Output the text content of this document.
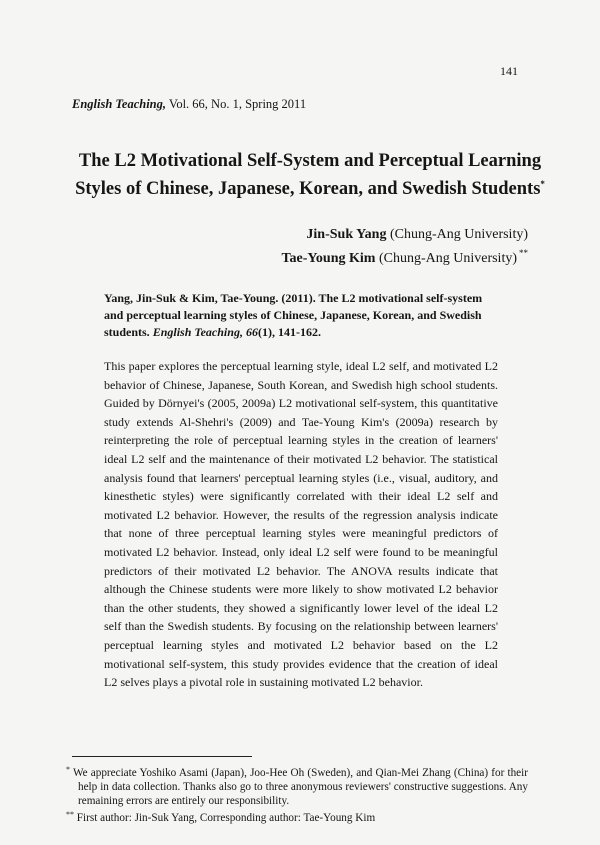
141
English Teaching, Vol. 66, No. 1, Spring 2011
The L2 Motivational Self-System and Perceptual Learning
Styles of Chinese, Japanese, Korean, and Swedish Students*
Jin-Suk Yang (Chung-Ang University)
Tae-Young Kim (Chung-Ang University) **
Yang, Jin-Suk & Kim, Tae-Young. (2011). The L2 motivational self-system and perceptual learning styles of Chinese, Japanese, Korean, and Swedish students. English Teaching, 66(1), 141-162.
This paper explores the perceptual learning style, ideal L2 self, and motivated L2 behavior of Chinese, Japanese, South Korean, and Swedish high school students. Guided by Dörnyei's (2005, 2009a) L2 motivational self-system, this quantitative study extends Al-Shehri's (2009) and Tae-Young Kim's (2009a) research by reinterpreting the role of perceptual learning styles in the creation of learners' ideal L2 self and the maintenance of their motivated L2 behavior. The statistical analysis found that learners' perceptual learning styles (i.e., visual, auditory, and kinesthetic styles) were significantly correlated with their ideal L2 self and motivated L2 behavior. However, the results of the regression analysis indicate that none of three perceptual learning styles were meaningful predictors of motivated L2 behavior. Instead, only ideal L2 self were found to be meaningful predictors of their motivated L2 behavior. The ANOVA results indicate that although the Chinese students were more likely to show motivated L2 behavior than the other students, they showed a significantly lower level of the ideal L2 self than the Swedish students. By focusing on the relationship between learners' perceptual learning styles and motivated L2 behavior based on the L2 motivational self-system, this study provides evidence that the creation of ideal L2 selves plays a pivotal role in sustaining motivated L2 behavior.

* We appreciate Yoshiko Asami (Japan), Joo-Hee Oh (Sweden), and Qian-Mei Zhang (China) for their help in data collection. Thanks also go to three anonymous reviewers' constructive suggestions. Any remaining errors are entirely our responsibility.

** First author: Jin-Suk Yang, Corresponding author: Tae-Young Kim
